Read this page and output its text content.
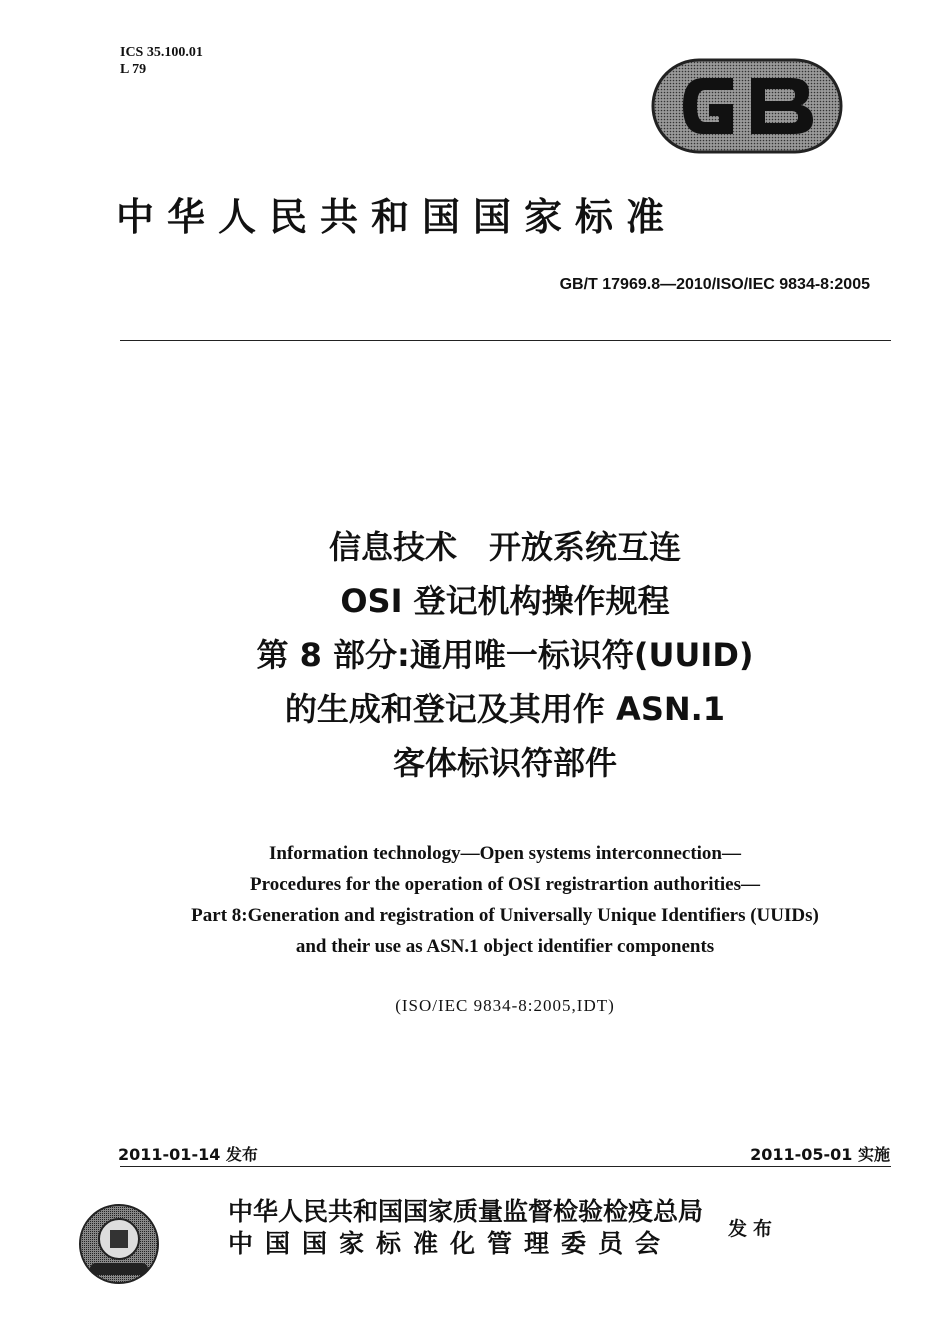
ICS 35.100.01
L 79
中华人民共和国国家标准
GB/T 17969.8—2010/ISO/IEC 9834-8:2005
信息技术　开放系统互连
OSI 登记机构操作规程
第 8 部分:通用唯一标识符(UUID)
的生成和登记及其用作 ASN.1
客体标识符部件
Information technology—Open systems interconnection—
Procedures for the operation of OSI registrartion authorities—
Part 8:Generation and registration of Universally Unique Identifiers (UUIDs)
and their use as ASN.1 object identifier components
(ISO/IEC 9834-8:2005,IDT)
2011-01-14 发布	2011-05-01 实施
中华人民共和国国家质量监督检验检疫总局
中国国家标准化管理委员会	发布
